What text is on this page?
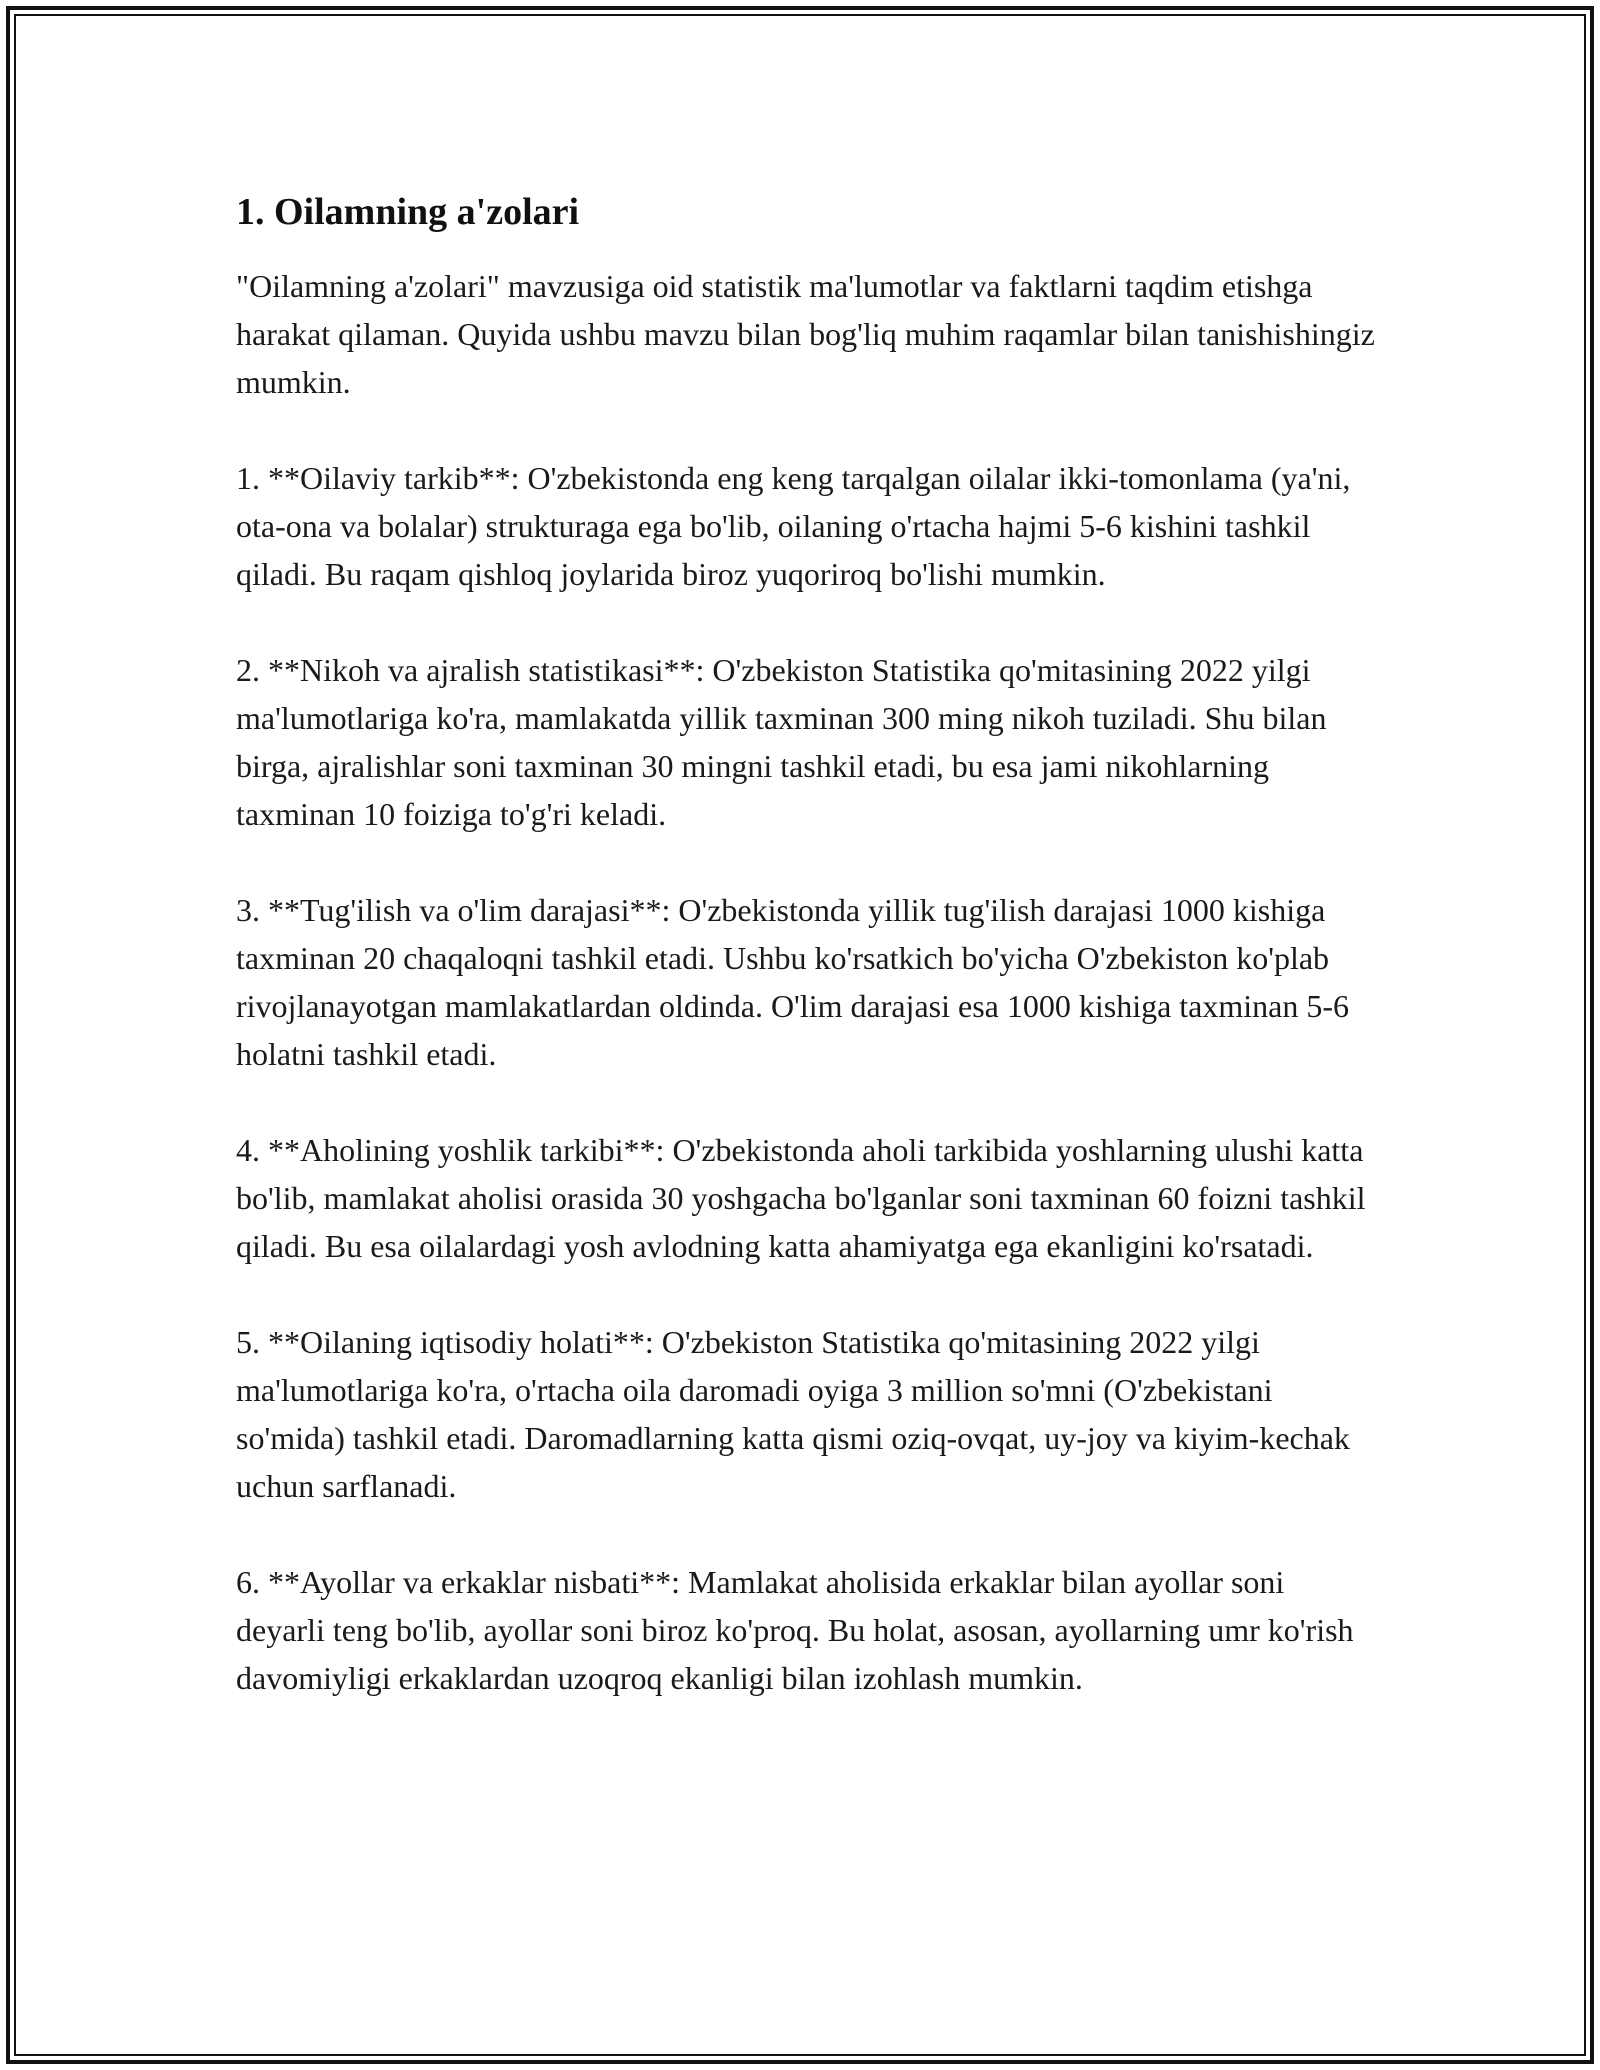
1. Oilamning a'zolari

"Oilamning a'zolari" mavzusiga oid statistik ma'lumotlar va faktlarni taqdim etishga harakat qilaman. Quyida ushbu mavzu bilan bog'liq muhim raqamlar bilan tanishishingiz mumkin.

1. **Oilaviy tarkib**: O'zbekistonda eng keng tarqalgan oilalar ikki-tomonlama (ya'ni, ota-ona va bolalar) strukturaga ega bo'lib, oilaning o'rtacha hajmi 5-6 kishini tashkil qiladi. Bu raqam qishloq joylarida biroz yuqoriroq bo'lishi mumkin.

2. **Nikoh va ajralish statistikasi**: O'zbekiston Statistika qo'mitasining 2022 yilgi ma'lumotlariga ko'ra, mamlakatda yillik taxminan 300 ming nikoh tuziladi. Shu bilan birga, ajralishlar soni taxminan 30 mingni tashkil etadi, bu esa jami nikohlarning taxminan 10 foiziga to'g'ri keladi.

3. **Tug'ilish va o'lim darajasi**: O'zbekistonda yillik tug'ilish darajasi 1000 kishiga taxminan 20 chaqaloqni tashkil etadi. Ushbu ko'rsatkich bo'yicha O'zbekiston ko'plab rivojlanayotgan mamlakatlardan oldinda. O'lim darajasi esa 1000 kishiga taxminan 5-6 holatni tashkil etadi.

4. **Aholining yoshlik tarkibi**: O'zbekistonda aholi tarkibida yoshlarning ulushi katta bo'lib, mamlakat aholisi orasida 30 yoshgacha bo'lganlar soni taxminan 60 foizni tashkil qiladi. Bu esa oilalardagi yosh avlodning katta ahamiyatga ega ekanligini ko'rsatadi.

5. **Oilaning iqtisodiy holati**: O'zbekiston Statistika qo'mitasining 2022 yilgi ma'lumotlariga ko'ra, o'rtacha oila daromadi oyiga 3 million so'mni (O'zbekistani so'mida) tashkil etadi. Daromadlarning katta qismi oziq-ovqat, uy-joy va kiyim-kechak uchun sarflanadi.

6. **Ayollar va erkaklar nisbati**: Mamlakat aholisida erkaklar bilan ayollar soni deyarli teng bo'lib, ayollar soni biroz ko'proq. Bu holat, asosan, ayollarning umr ko'rish davomiyligi erkaklardan uzoqroq ekanligi bilan izohlash mumkin.
